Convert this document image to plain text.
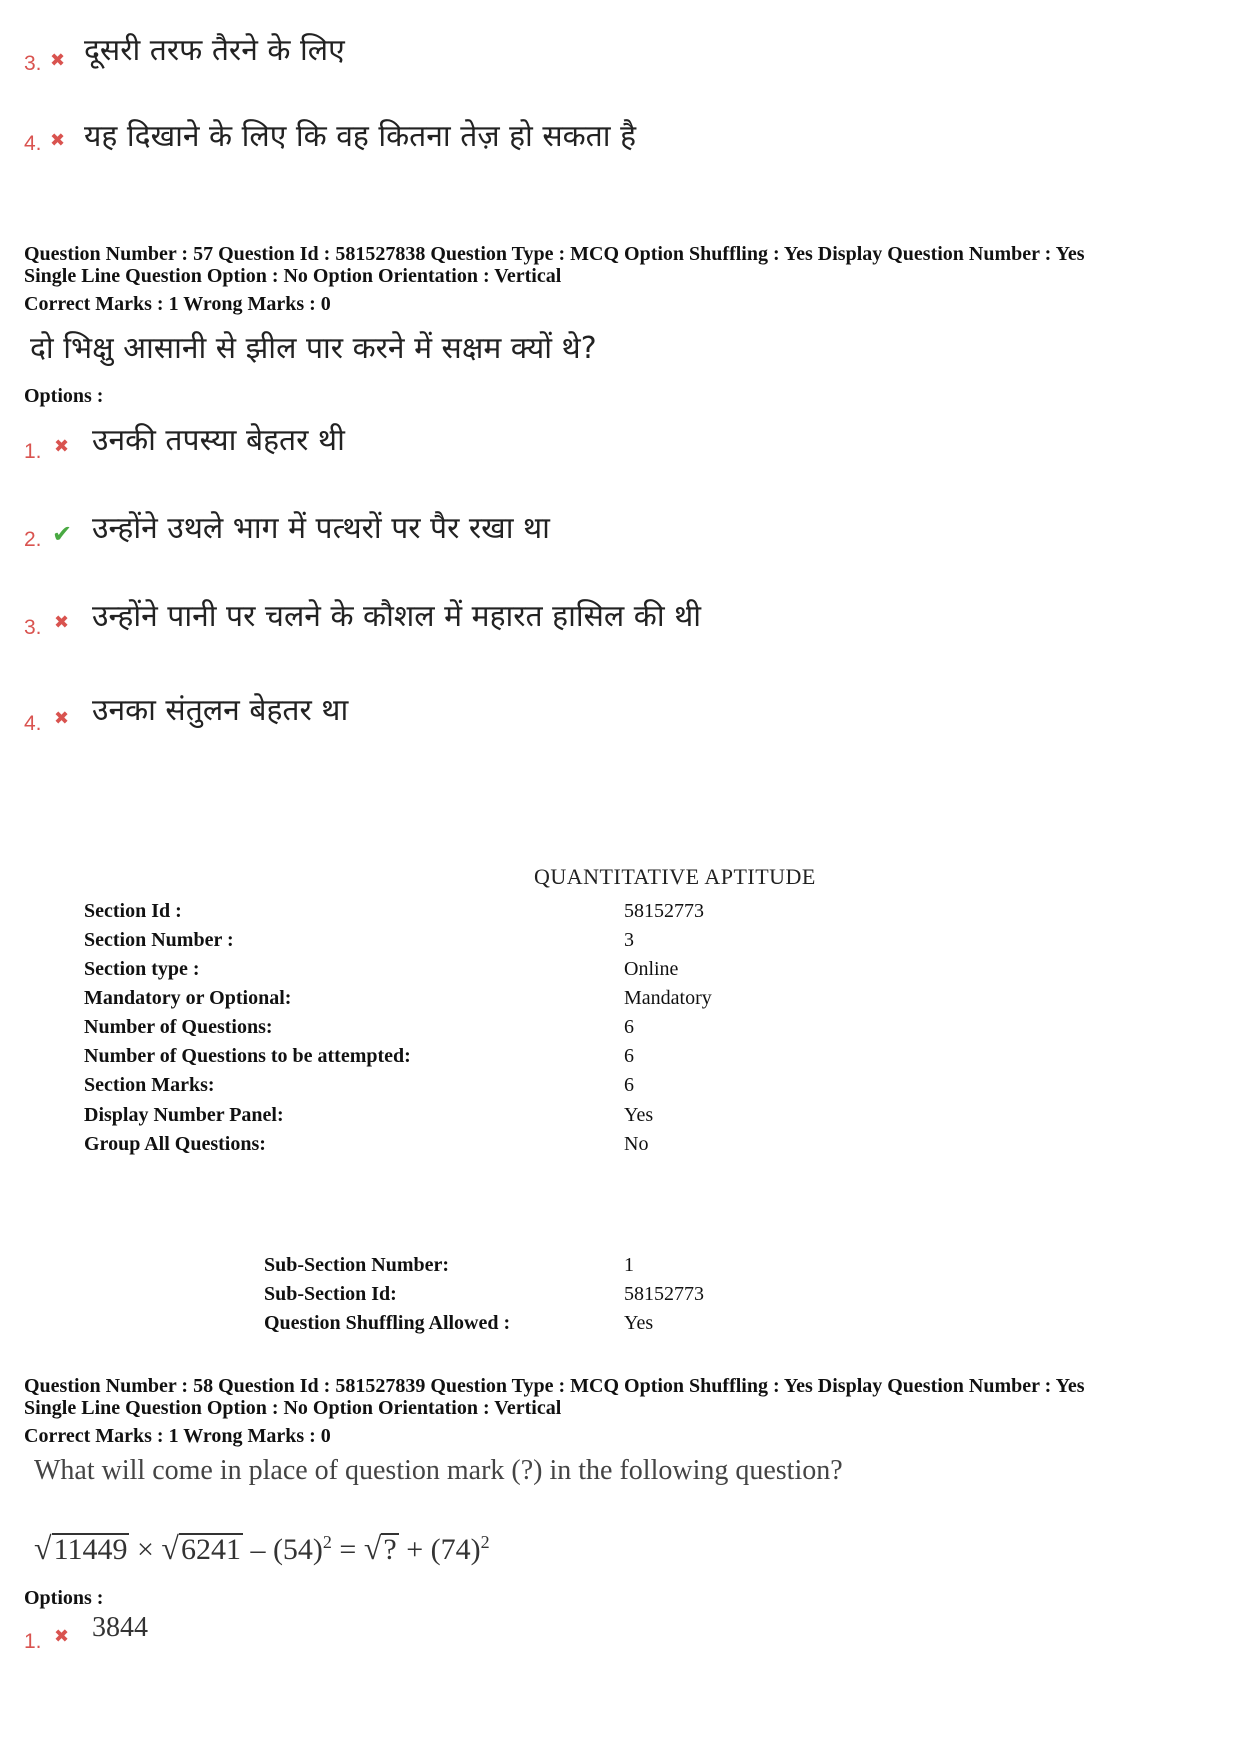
3. ✖ दूसरी तरफ तैरने के लिए
4. ✖ यह दिखाने के लिए कि वह कितना तेज़ हो सकता है
Question Number : 57 Question Id : 581527838 Question Type : MCQ Option Shuffling : Yes Display Question Number : Yes
Single Line Question Option : No Option Orientation : Vertical
Correct Marks : 1 Wrong Marks : 0
दो भिक्षु आसानी से झील पार करने में सक्षम क्यों थे?
Options :
1. ✖ उनकी तपस्या बेहतर थी
2. ✔ उन्होंने उथले भाग में पत्थरों पर पैर रखा था
3. ✖ उन्होंने पानी पर चलने के कौशल में महारत हासिल की थी
4. ✖ उनका संतुलन बेहतर था
QUANTITATIVE APTITUDE
Section Id :	58152773
Section Number :	3
Section type :	Online
Mandatory or Optional:	Mandatory
Number of Questions:	6
Number of Questions to be attempted:	6
Section Marks:	6
Display Number Panel:	Yes
Group All Questions:	No
Sub-Section Number:	1
Sub-Section Id:	58152773
Question Shuffling Allowed :	Yes
Question Number : 58 Question Id : 581527839 Question Type : MCQ Option Shuffling : Yes Display Question Number : Yes
Single Line Question Option : No Option Orientation : Vertical
Correct Marks : 1 Wrong Marks : 0
What will come in place of question mark (?) in the following question?
$√11449 \times √6241 - (54)^2$ = √? + $(74)^2$
Options :
1. ✖ 3844
